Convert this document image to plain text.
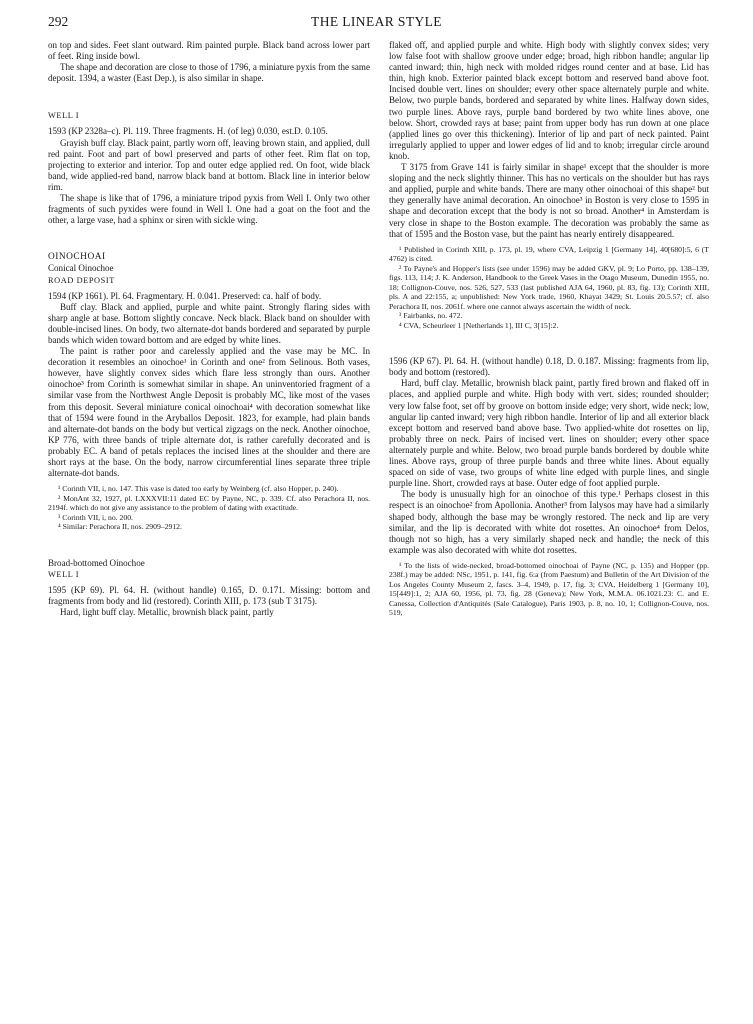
292	THE LINEAR STYLE

on top and sides. Feet slant outward. Rim painted purple. Black band across lower part of feet. Ring inside bowl.

The shape and decoration are close to those of 1796, a miniature pyxis from the same deposit. 1394, a waster (East Dep.), is also similar in shape.

WELL I

1593 (KP 2328a–c). Pl. 119. Three fragments. H. (of leg) 0.030, est.D. 0.105.

Grayish buff clay. Black paint, partly worn off, leaving brown stain, and applied, dull red paint. Foot and part of bowl preserved and parts of other feet. Rim flat on top, projecting to exterior and interior. Top and outer edge applied red. On foot, wide black band, wide applied-red band, narrow black band at bottom. Black line in interior below rim.

The shape is like that of 1796, a miniature tripod pyxis from Well I. Only two other fragments of such pyxides were found in Well I. One had a goat on the foot and the other, a large vase, had a sphinx or siren with sickle wing.

OINOCHOAI

Conical Oinochoe

ROAD DEPOSIT

1594 (KP 1661). Pl. 64. Fragmentary. H. 0.041. Preserved: ca. half of body.

Buff clay. Black and applied, purple and white paint. Strongly flaring sides with sharp angle at base. Bottom slightly concave. Neck black. Black band on shoulder with double-incised lines. On body, two alternate-dot bands bordered and separated by purple bands which widen toward bottom and are edged by white lines.

The paint is rather poor and carelessly applied and the vase may be MC. In decoration it resembles an oinochoe¹ in Corinth and one² from Selinous. Both vases, however, have slightly convex sides which flare less strongly than ours. Another oinochoe³ from Corinth is somewhat similar in shape. An uninventoried fragment of a similar vase from the Northwest Angle Deposit is probably MC, like most of the vases from this deposit. Several miniature conical oinochoai⁴ with decoration somewhat like that of 1594 were found in the Aryballos Deposit. 1823, for example, had plain bands and alternate-dot bands on the body but vertical zigzags on the neck. Another oinochoe, KP 776, with three bands of triple alternate dot, is rather carefully decorated and is probably EC. A band of petals replaces the incised lines at the shoulder and there are short rays at the base. On the body, narrow circumferential lines separate three triple alternate-dot bands.

¹ Corinth VII, i, no. 147. This vase is dated too early by Weinberg (cf. also Hopper, p. 240).

² MonAnt 32, 1927, pl. LXXXVII:11 dated EC by Payne, NC, p. 339. Cf. also Perachora II, nos. 2194f. which do not give any assistance to the problem of dating with exactitude.

³ Corinth VII, i, no. 200.

⁴ Similar: Perachora II, nos. 2909–2912.

Broad-bottomed Oinochoe

WELL I

1595 (KP 69). Pl. 64. H. (without handle) 0.165, D. 0.171. Missing: bottom and fragments from body and lid (restored). Corinth XIII, p. 173 (sub T 3175).

Hard, light buff clay. Metallic, brownish black paint, partly

flaked off, and applied purple and white. High body with slightly convex sides; very low false foot with shallow groove under edge; broad, high ribbon handle; angular lip canted inward; thin, high neck with molded ridges round center and at base. Lid has thin, high knob. Exterior painted black except bottom and reserved band above foot. Incised double vert. lines on shoulder; every other space alternately purple and white. Below, two purple bands, bordered and separated by white lines. Halfway down sides, two purple lines. Above rays, purple band bordered by two white lines above, one below. Short, crowded rays at base; paint from upper body has run down at one place (applied lines go over this thickening). Interior of lip and part of neck painted. Paint irregularly applied to upper and lower edges of lid and to knob; irregular circle around knob.

T 3175 from Grave 141 is fairly similar in shape¹ except that the shoulder is more sloping and the neck slightly thinner. This has no verticals on the shoulder but has rays and applied, purple and white bands. There are many other oinochoai of this shape² but they generally have animal decoration. An oinochoe³ in Boston is very close to 1595 in shape and decoration except that the body is not so broad. Another⁴ in Amsterdam is very close in shape to the Boston example. The decoration was probably the same as that of 1595 and the Boston vase, but the paint has nearly entirely disappeared.

¹ Published in Corinth XIII, p. 173, pl. 19, where CVA, Leipzig 1 [Germany 14], 40[680]:5, 6 (T 4762) is cited.

² To Payne's and Hopper's lists (see under 1596) may be added GKV, pl. 9; Lo Porto, pp. 138–139, figs. 113, 114; J. K. Anderson, Handbook to the Greek Vases in the Otago Museum, Dunedin 1955, no. 18; Collignon-Couve, nos. 526, 527, 533 (last published AJA 64, 1960, pl. 83, fig. 13); Corinth XIII, pls. A and 22:155, a; unpublished: New York trade, 1960, Khayat 3429; St. Louis 20.5.57; cf. also Perachora II, nos. 2061f. where one cannot always ascertain the width of neck.

³ Fairbanks, no. 472.

⁴ CVA, Scheurleer 1 [Netherlands 1], III C, 3[15]:2.

1596 (KP 67). Pl. 64. H. (without handle) 0.18, D. 0.187. Missing: fragments from lip, body and bottom (restored).

Hard, buff clay. Metallic, brownish black paint, partly fired brown and flaked off in places, and applied purple and white. High body with vert. sides; rounded shoulder; very low false foot, set off by groove on bottom inside edge; very short, wide neck; low, angular lip canted inward; very high ribbon handle. Interior of lip and all exterior black except bottom and reserved band above base. Two applied-white dot rosettes on lip, probably three on neck. Pairs of incised vert. lines on shoulder; every other space alternately purple and white. Below, two broad purple bands bordered by double white lines. Above rays, group of three purple bands and three white lines. About equally spaced on side of vase, two groups of white line edged with purple lines, and single purple line. Short, crowded rays at base. Outer edge of foot applied purple.

The body is unusually high for an oinochoe of this type.¹ Perhaps closest in this respect is an oinochoe² from Apollonia. Another³ from Ialysos may have had a similarly shaped body, although the base may be wrongly restored. The neck and lip are very similar, and the lip is decorated with white dot rosettes. An oinochoe⁴ from Delos, though not so high, has a very similarly shaped neck and handle; the neck of this example was also decorated with white dot rosettes.

¹ To the lists of wide-necked, broad-bottomed oinochoai of Payne (NC, p. 135) and Hopper (pp. 238f.) may be added: NSc, 1951, p. 141, fig. 6:a (from Paestum) and Bulletin of the Art Division of the Los Angeles County Museum 2, fascs. 3–4, 1949, p. 17, fig. 3; CVA, Heidelberg 1 [Germany 10], 15[449]:1, 2; AJA 60, 1956, pl. 73, fig. 28 (Geneva); New York, M.M.A. 06.1021.23: C. and E. Canessa, Collection d'Antiquités (Sale Catalogue), Paris 1903, p. 8, no. 10, 1; Collignon-Couve, nos. 519,
